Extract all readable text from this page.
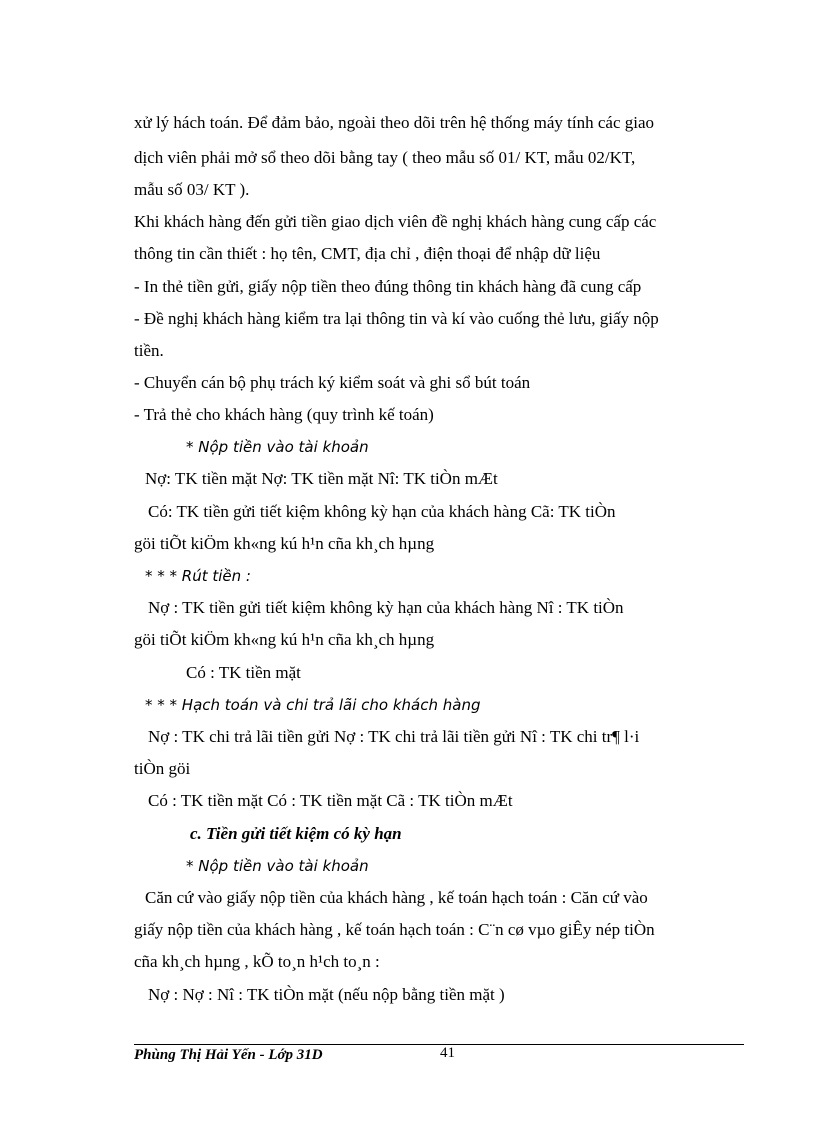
xử lý hách toán. Để đảm bảo, ngoài theo dõi trên hệ thống máy tính các giao
dịch viên phải mở sổ theo dõi bằng tay ( theo mẫu số 01/ KT, mẫu 02/KT,
mẫu số 03/ KT ).
Khi khách hàng đến gửi tiền giao dịch viên đề nghị khách hàng cung cấp các
thông tin cần thiết : họ tên, CMT, địa chỉ , điện thoại để nhập dữ liệu
- In thẻ tiền gửi, giấy nộp tiền theo đúng thông tin khách hàng đã cung cấp
- Đề nghị khách hàng kiểm tra lại thông tin và kí vào cuống thẻ lưu, giấy nộp
tiền.
- Chuyển cán bộ phụ trách ký kiểm soát và ghi sổ bút toán
- Trả thẻ cho khách hàng (quy trình kế toán)
* Nộp tiền vào tài khoản
Nợ: TK tiền mặt Nợ: TK tiền mặt Nî: TK tiÒn mÆt
Có: TK tiền gửi tiết kiệm không kỳ hạn của khách hàng Cã: TK tiÒn
göi tiÕt kiÖm kh«ng kú h¹n cña kh¸ch hµng
* * * Rút tiền :
Nợ : TK tiền gửi tiết kiệm không kỳ hạn của khách hàng Nî : TK tiÒn
göi tiÕt kiÖm kh«ng kú h¹n cña kh¸ch hµng
Có : TK tiền mặt
* * * Hạch toán và chi trả lãi cho khách hàng
Nợ : TK chi trả lãi tiền gửi Nợ : TK chi trả lãi tiền gửi Nî : TK chi tr¶ l·i
tiÒn göi
Có : TK tiền mặt Có : TK tiền mặt Cã : TK tiÒn mÆt
c. Tiền gửi tiết kiệm có kỳ hạn
* Nộp tiền vào tài khoản
Căn cứ vào giấy nộp tiền của khách hàng , kế toán hạch toán : Căn cứ vào
giấy nộp tiền của khách hàng , kế toán hạch toán : C¨n cø vµo giÊy nép tiÒn
cña kh¸ch hµng , kÕ to¸n h¹ch to¸n :
Nợ : Nợ : Nî : TK tiÒn mặt (nếu nộp bằng tiền mặt )
Phùng Thị Hải Yến - Lớp 31D	41
